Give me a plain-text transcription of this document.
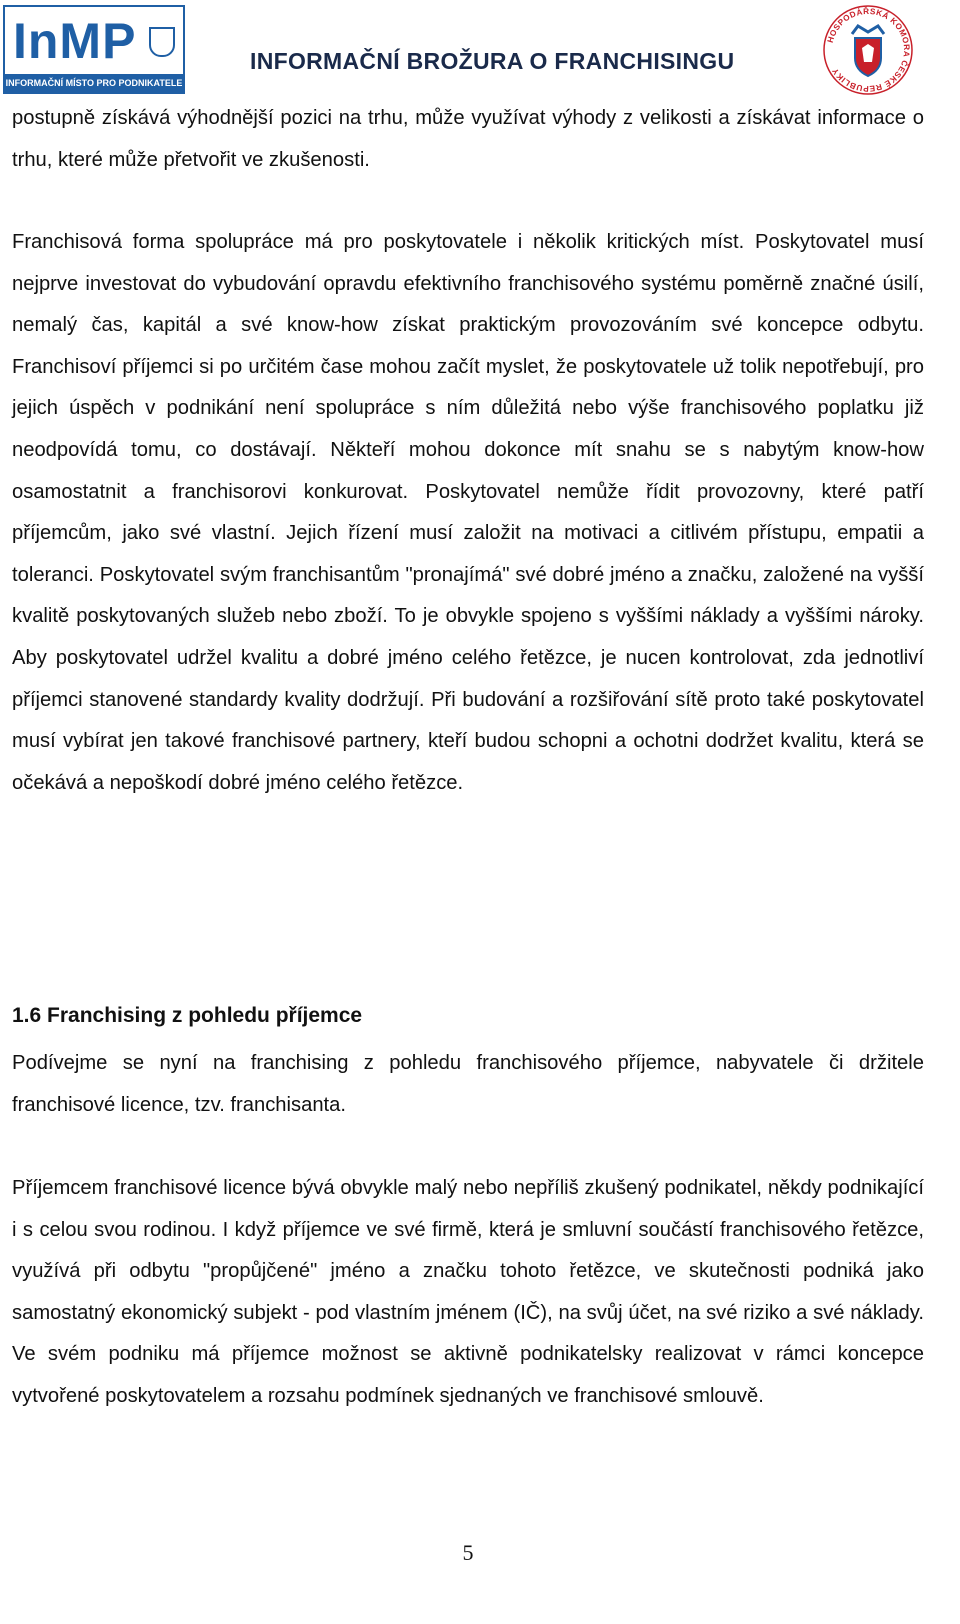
InMP
INFORMAČNÍ MÍSTO PRO PODNIKATELE
INFORMAČNÍ BROŽURA O FRANCHISINGU
HOSPODÁŘSKÁ KOMORA ČESKÉ REPUBLIKY

postupně získává výhodnější pozici na trhu, může využívat výhody z velikosti a získávat informace o trhu, které může přetvořit ve zkušenosti.

Franchisová forma spolupráce má pro poskytovatele i několik kritických míst. Poskytovatel musí nejprve investovat do vybudování opravdu efektivního franchisového systému poměrně značné úsilí, nemalý čas, kapitál a své know-how získat praktickým provozováním své koncepce odbytu. Franchisoví příjemci si po určitém čase mohou začít myslet, že poskytovatele už tolik nepotřebují, pro jejich úspěch v podnikání není spolupráce s ním důležitá nebo výše franchisového poplatku již neodpovídá tomu, co dostávají. Někteří mohou dokonce mít snahu se s nabytým know-how osamostatnit a franchisorovi konkurovat. Poskytovatel nemůže řídit provozovny, které patří příjemcům, jako své vlastní. Jejich řízení musí založit na motivaci a citlivém přístupu, empatii a toleranci. Poskytovatel svým franchisantům "pronajímá" své dobré jméno a značku, založené na vyšší kvalitě poskytovaných služeb nebo zboží. To je obvykle spojeno s vyššími náklady a vyššími nároky. Aby poskytovatel udržel kvalitu a dobré jméno celého řetězce, je nucen kontrolovat, zda jednotliví příjemci stanovené standardy kvality dodržují. Při budování a rozšiřování sítě proto také poskytovatel musí vybírat jen takové franchisové partnery, kteří budou schopni a ochotni dodržet kvalitu, která se očekává a nepoškodí dobré jméno celého řetězce.

1.6 Franchising z pohledu příjemce

Podívejme se nyní na franchising z pohledu franchisového příjemce, nabyvatele či držitele franchisové licence, tzv. franchisanta.

Příjemcem franchisové licence bývá obvykle malý nebo nepříliš zkušený podnikatel, někdy podnikající i s celou svou rodinou. I když příjemce ve své firmě, která je smluvní součástí franchisového řetězce, využívá při odbytu "propůjčené" jméno a značku tohoto řetězce, ve skutečnosti podniká jako samostatný ekonomický subjekt - pod vlastním jménem (IČ), na svůj účet, na své riziko a své náklady. Ve svém podniku má příjemce možnost se aktivně podnikatelsky realizovat v rámci koncepce vytvořené poskytovatelem a rozsahu podmínek sjednaných ve franchisové smlouvě.

5
